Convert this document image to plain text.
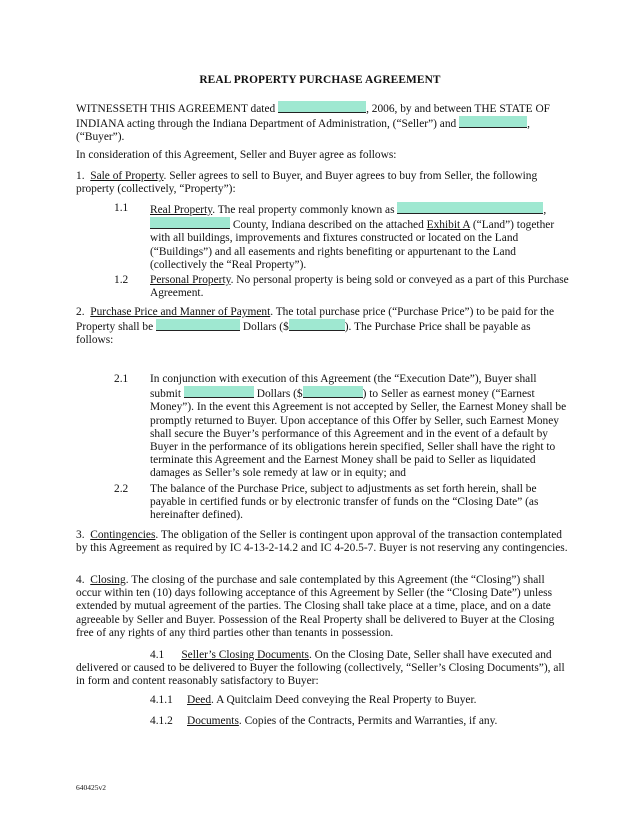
REAL PROPERTY PURCHASE AGREEMENT
WITNESSETH THIS AGREEMENT dated	, 2006, by and between THE STATE OF INDIANA acting through the Indiana Department of Administration, (“Seller”) and	, (“Buyer”).
In consideration of this Agreement, Seller and Buyer agree as follows:
1. Sale of Property. Seller agrees to sell to Buyer, and Buyer agrees to buy from Seller, the following property (collectively, “Property”):
1.1 Real Property. The real property commonly known as	,  County, Indiana described on the attached Exhibit A (“Land”) together with all buildings, improvements and fixtures constructed or located on the Land (“Buildings”) and all easements and rights benefiting or appurtenant to the Land (collectively the “Real Property”).
1.2 Personal Property. No personal property is being sold or conveyed as a part of this Purchase Agreement.
2. Purchase Price and Manner of Payment. The total purchase price (“Purchase Price”) to be paid for the Property shall be	Dollars ($	). The Purchase Price shall be payable as follows:
2.1 In conjunction with execution of this Agreement (the “Execution Date”), Buyer shall submit	Dollars ($	) to Seller as earnest money (“Earnest Money”). In the event this Agreement is not accepted by Seller, the Earnest Money shall be promptly returned to Buyer. Upon acceptance of this Offer by Seller, such Earnest Money shall secure the Buyer’s performance of this Agreement and in the event of a default by Buyer in the performance of its obligations herein specified, Seller shall have the right to terminate this Agreement and the Earnest Money shall be paid to Seller as liquidated damages as Seller’s sole remedy at law or in equity; and
2.2 The balance of the Purchase Price, subject to adjustments as set forth herein, shall be payable in certified funds or by electronic transfer of funds on the “Closing Date” (as hereinafter defined).
3. Contingencies. The obligation of the Seller is contingent upon approval of the transaction contemplated by this Agreement as required by IC 4-13-2-14.2 and IC 4-20.5-7. Buyer is not reserving any contingencies.
4. Closing. The closing of the purchase and sale contemplated by this Agreement (the “Closing”) shall occur within ten (10) days following acceptance of this Agreement by Seller (the “Closing Date”) unless extended by mutual agreement of the parties. The Closing shall take place at a time, place, and on a date agreeable by Seller and Buyer. Possession of the Real Property shall be delivered to Buyer at the Closing free of any rights of any third parties other than tenants in possession.
4.1 Seller’s Closing Documents. On the Closing Date, Seller shall have executed and delivered or caused to be delivered to Buyer the following (collectively, “Seller’s Closing Documents”), all in form and content reasonably satisfactory to Buyer:
4.1.1 Deed. A Quitclaim Deed conveying the Real Property to Buyer.
4.1.2 Documents. Copies of the Contracts, Permits and Warranties, if any.
640425v2
